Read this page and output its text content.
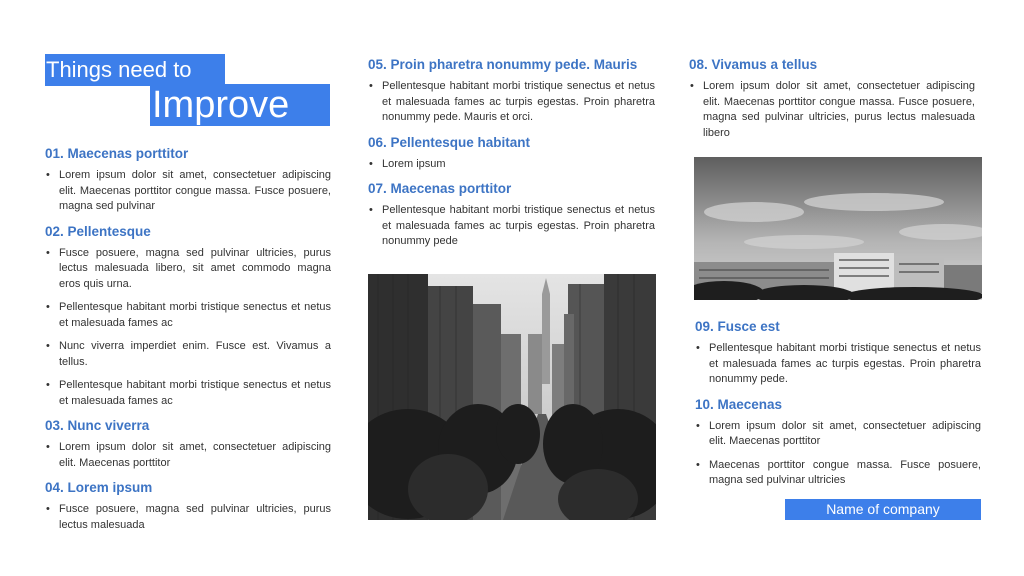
Things need to
Improve
01. Maecenas porttitor
• Lorem ipsum dolor sit amet, consectetuer adipiscing elit. Maecenas porttitor congue massa. Fusce posuere, magna sed pulvinar
02. Pellentesque
• Fusce posuere, magna sed pulvinar ultricies, purus lectus malesuada libero, sit amet commodo magna eros quis urna.
• Pellentesque habitant morbi tristique senectus et netus et malesuada fames ac
• Nunc viverra imperdiet enim. Fusce est. Vivamus a tellus.
• Pellentesque habitant morbi tristique senectus et netus et malesuada fames ac
03. Nunc viverra
• Lorem ipsum dolor sit amet, consectetuer adipiscing elit. Maecenas porttitor
04. Lorem ipsum
• Fusce posuere, magna sed pulvinar ultricies, purus lectus malesuada
05. Proin pharetra nonummy pede. Mauris
• Pellentesque habitant morbi tristique senectus et netus et malesuada fames ac turpis egestas. Proin pharetra nonummy pede. Mauris et orci.
06. Pellentesque habitant
• Lorem ipsum
07. Maecenas porttitor
• Pellentesque habitant morbi tristique senectus et netus et malesuada fames ac turpis egestas. Proin pharetra nonummy pede
08. Vivamus a tellus
• Lorem ipsum dolor sit amet, consectetuer adipiscing elit. Maecenas porttitor congue massa. Fusce posuere, magna sed pulvinar ultricies, purus lectus malesuada libero
09. Fusce est
• Pellentesque habitant morbi tristique senectus et netus et malesuada fames ac turpis egestas. Proin pharetra nonummy pede.
10. Maecenas
• Lorem ipsum dolor sit amet, consectetuer adipiscing elit. Maecenas porttitor
• Maecenas porttitor congue massa. Fusce posuere, magna sed pulvinar ultricies
Name of company
